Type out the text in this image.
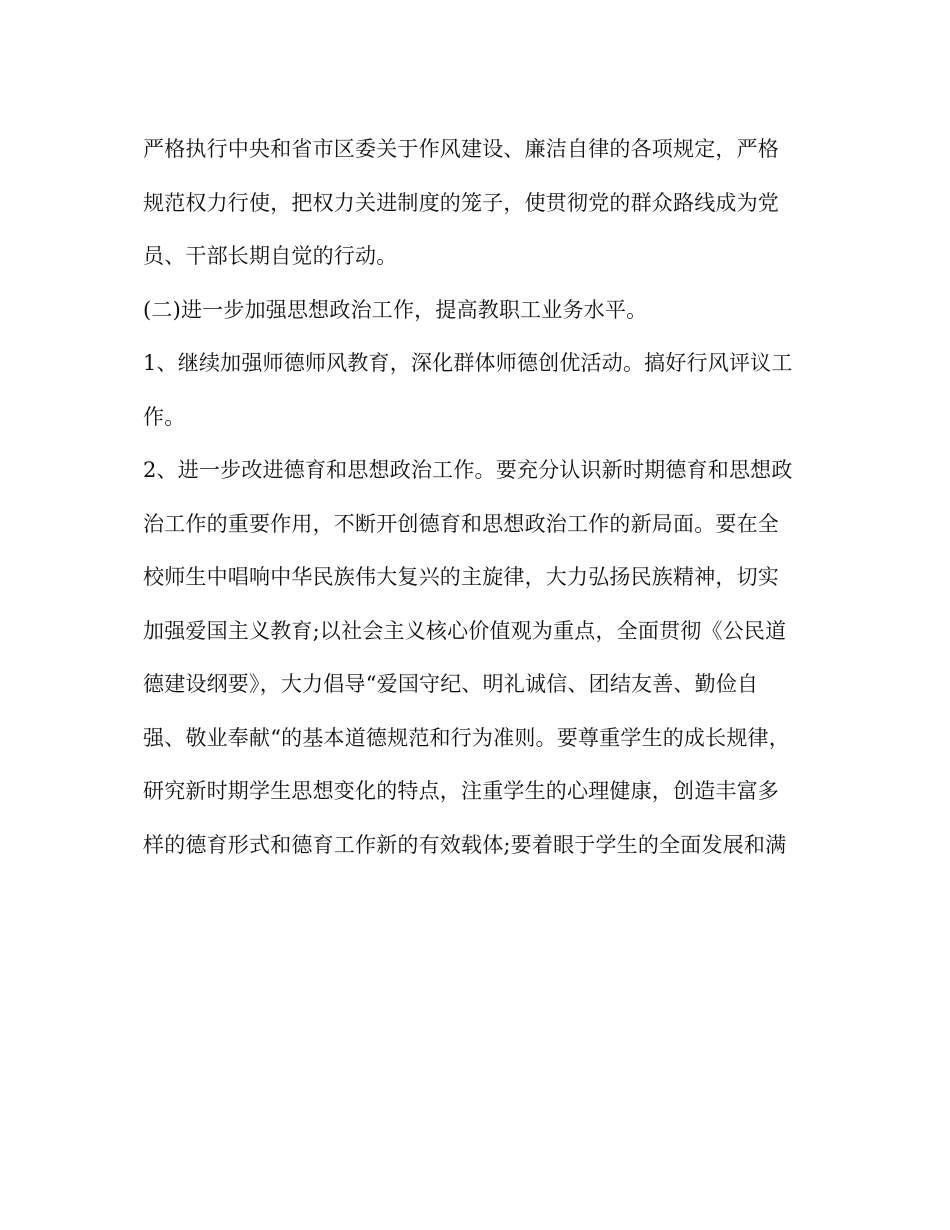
严格执行中央和省市区委关于作风建设、廉洁自律的各项规定，严格
规范权力行使，把权力关进制度的笼子，使贯彻党的群众路线成为党
员、干部长期自觉的行动。
(二)进一步加强思想政治工作，提高教职工业务水平。
1、继续加强师德师风教育，深化群体师德创优活动。搞好行风评议工
作。
2、进一步改进德育和思想政治工作。要充分认识新时期德育和思想政
治工作的重要作用，不断开创德育和思想政治工作的新局面。要在全
校师生中唱响中华民族伟大复兴的主旋律，大力弘扬民族精神，切实
加强爱国主义教育;以社会主义核心价值观为重点，全面贯彻《公民道
德建设纲要》，大力倡导“爱国守纪、明礼诚信、团结友善、勤俭自
强、敬业奉献“的基本道德规范和行为准则。要尊重学生的成长规律，
研究新时期学生思想变化的特点，注重学生的心理健康，创造丰富多
样的德育形式和德育工作新的有效载体;要着眼于学生的全面发展和满
